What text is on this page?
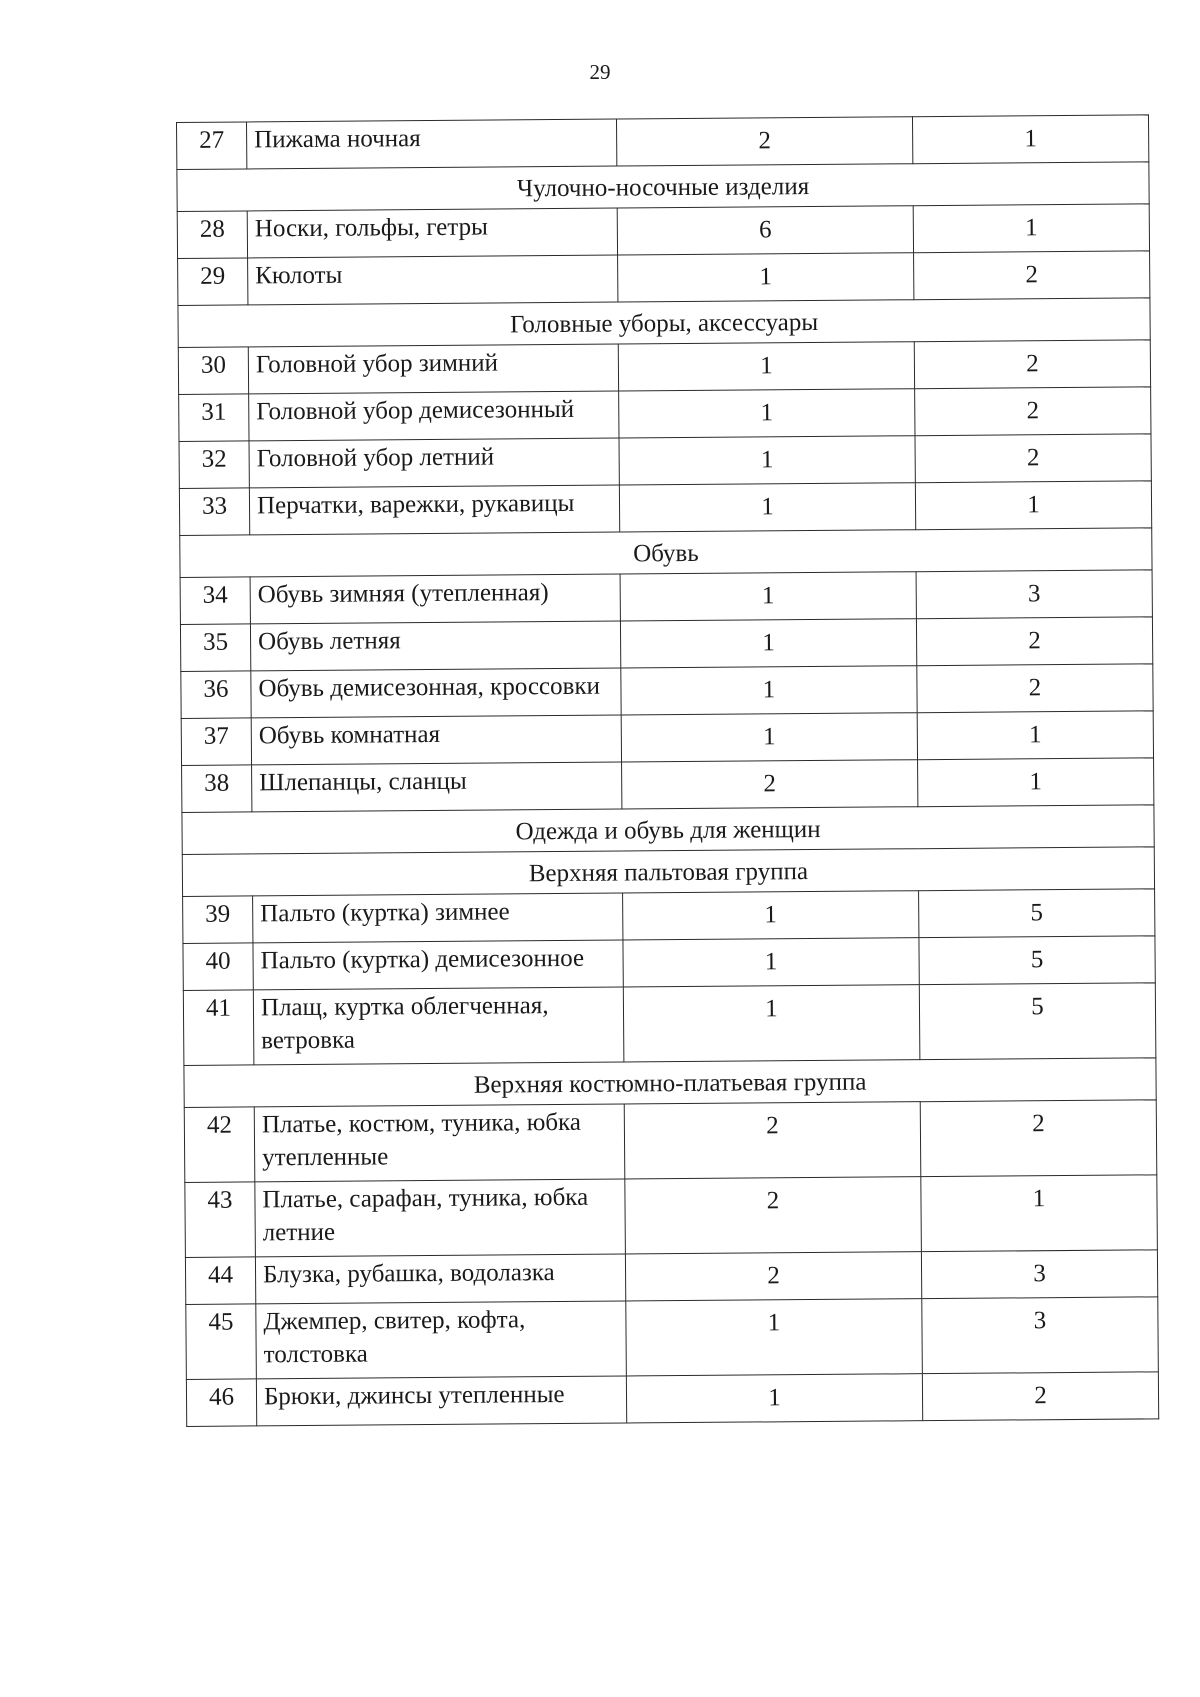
29
27	Пижама ночная	2	1
Чулочно-носочные изделия			
28	Носки, гольфы, гетры	6	1
29	Кюлоты	1	2
Головные уборы, аксессуары			
30	Головной убор зимний	1	2
31	Головной убор демисезонный	1	2
32	Головной убор летний	1	2
33	Перчатки, варежки, рукавицы	1	1
Обувь			
34	Обувь зимняя (утепленная)	1	3
35	Обувь летняя	1	2
36	Обувь демисезонная, кроссовки	1	2
37	Обувь комнатная	1	1
38	Шлепанцы, сланцы	2	1
Одежда и обувь для женщин			
Верхняя пальтовая группа			
39	Пальто (куртка) зимнее	1	5
40	Пальто (куртка) демисезонное	1	5
41	Плащ, куртка облегченная, ветровка	1	5
Верхняя костюмно-платьевая группа			
42	Платье, костюм, туника, юбка утепленные	2	2
43	Платье, сарафан, туника, юбка летние	2	1
44	Блузка, рубашка, водолазка	2	3
45	Джемпер, свитер, кофта, толстовка	1	3
46	Брюки, джинсы утепленные	1	2
